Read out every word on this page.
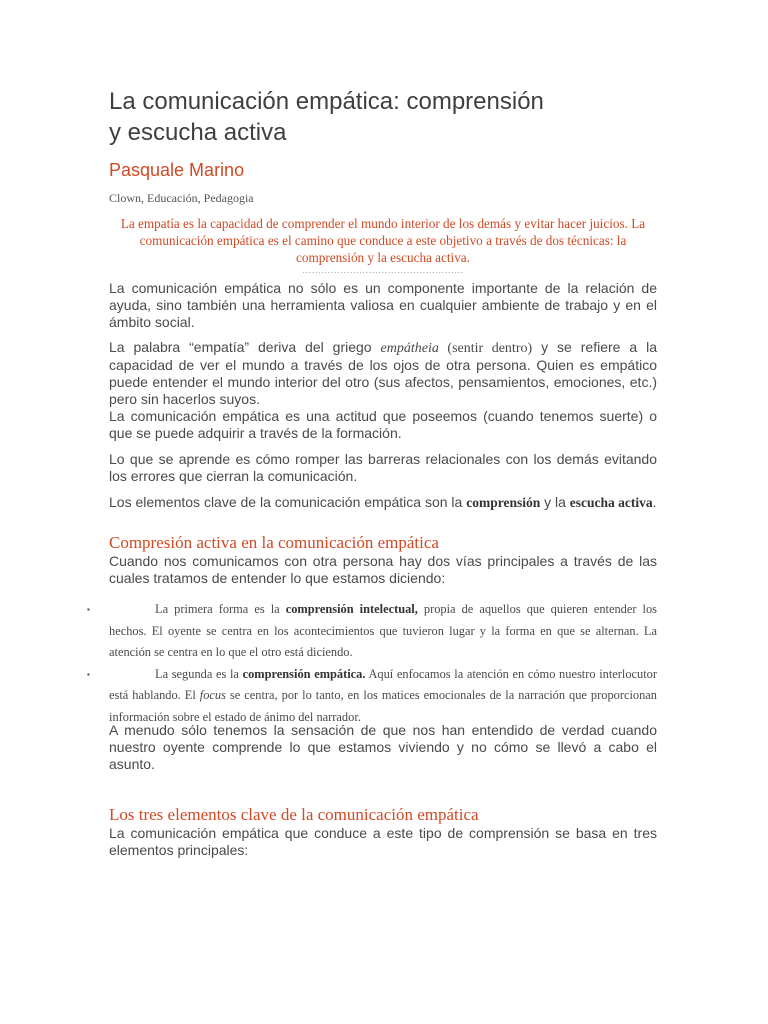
La comunicación empática: comprensión
y escucha activa
Pasquale Marino
Clown, Educación, Pedagogia
La empatía es la capacidad de comprender el mundo interior de los demás y evitar hacer juicios. La comunicación empática es el camino que conduce a este objetivo a través de dos técnicas: la comprensión y la escucha activa.
……………………………………………

La comunicación empática no sólo es un componente importante de la relación de ayuda, sino también una herramienta valiosa en cualquier ambiente de trabajo y en el ámbito social.

La palabra “empatía” deriva del griego empátheia (sentir dentro) y se refiere a la capacidad de ver el mundo a través de los ojos de otra persona. Quien es empático puede entender el mundo interior del otro (sus afectos, pensamientos, emociones, etc.) pero sin hacerlos suyos.

La comunicación empática es una actitud que poseemos (cuando tenemos suerte) o que se puede adquirir a través de la formación.

Lo que se aprende es cómo romper las barreras relacionales con los demás evitando los errores que cierran la comunicación.

Los elementos clave de la comunicación empática son la comprensión y la escucha activa.

Compresión activa en la comunicación empática

Cuando nos comunicamos con otra persona hay dos vías principales a través de las cuales tratamos de entender lo que estamos diciendo:

▪	La primera forma es la comprensión intelectual, propia de aquellos que quieren entender los hechos. El oyente se centra en los acontecimientos que tuvieron lugar y la forma en que se alternan. La atención se centra en lo que el otro está diciendo.
▪	La segunda es la comprensión empática. Aquí enfocamos la atención en cómo nuestro interlocutor está hablando. El focus se centra, por lo tanto, en los matices emocionales de la narración que proporcionan información sobre el estado de ánimo del narrador.

A menudo sólo tenemos la sensación de que nos han entendido de verdad cuando nuestro oyente comprende lo que estamos viviendo y no cómo se llevó a cabo el asunto.

Los tres elementos clave de la comunicación empática

La comunicación empática que conduce a este tipo de comprensión se basa en tres elementos principales:
